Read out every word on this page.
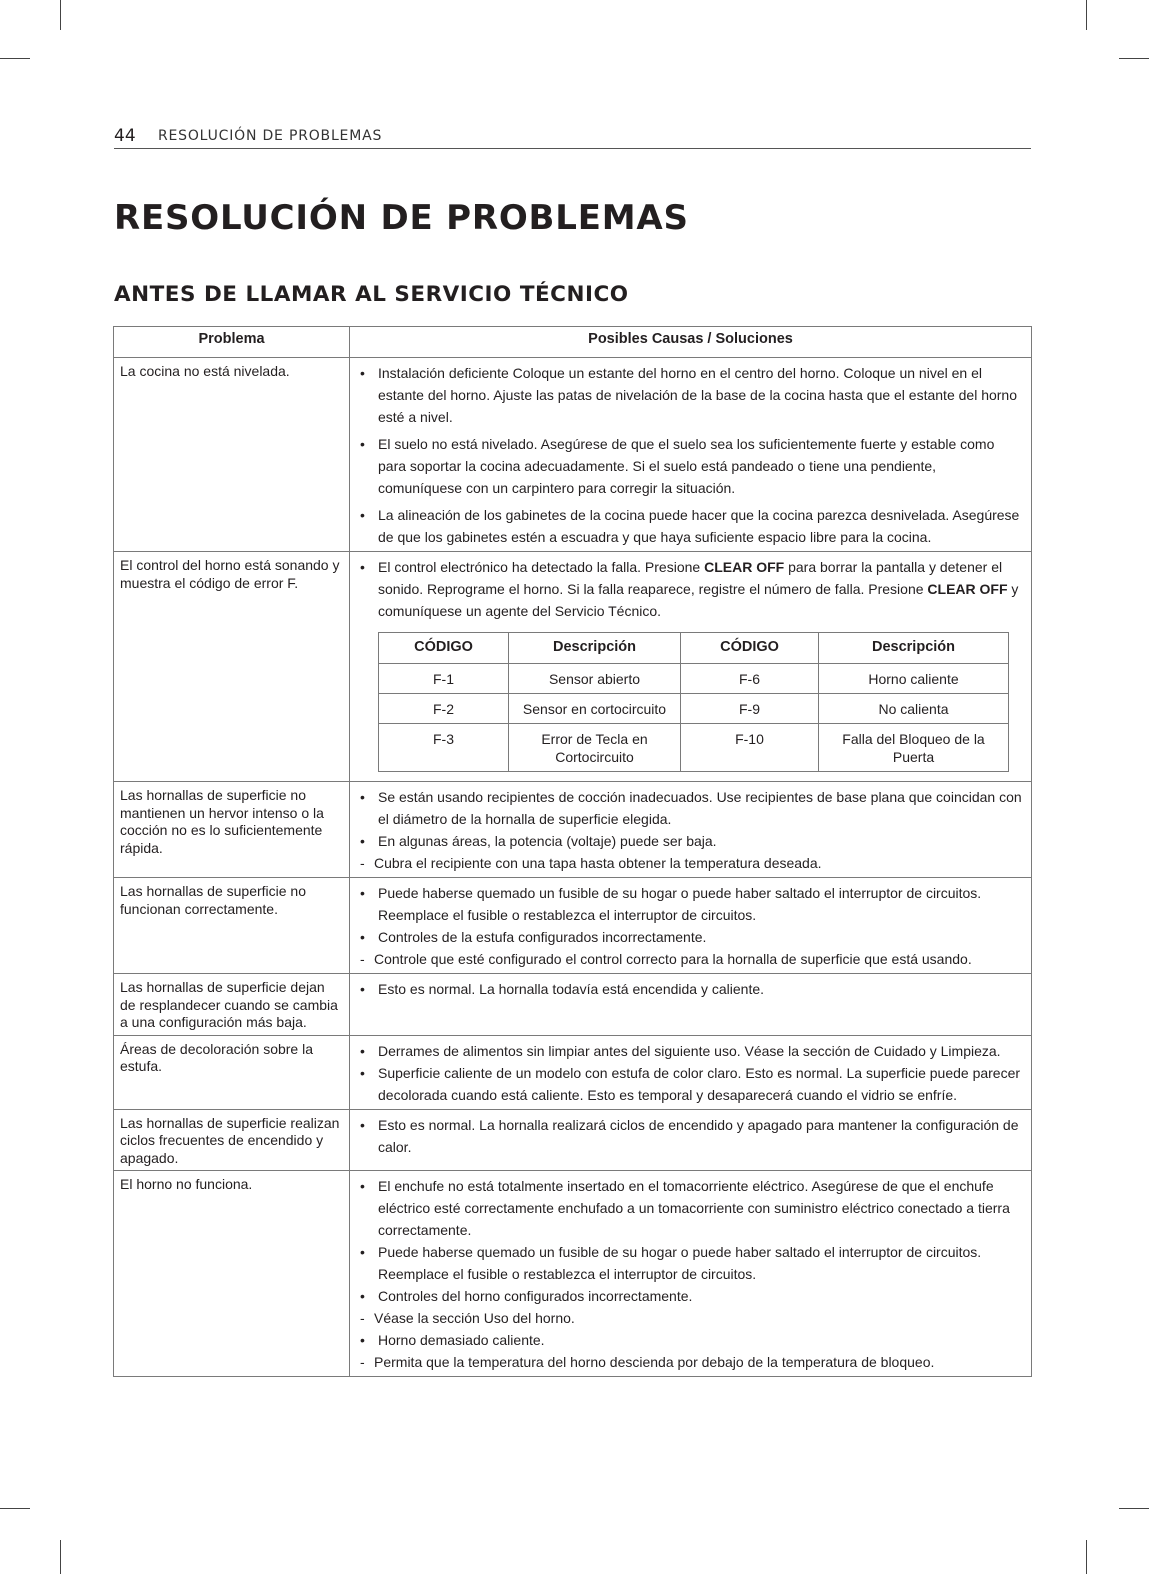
44 RESOLUCIÓN DE PROBLEMAS
RESOLUCIÓN DE PROBLEMAS
ANTES DE LLAMAR AL SERVICIO TÉCNICO
Problema	Posibles Causas / Soluciones
La cocina no está nivelada.	
•Instalación deficiente Coloque un estante del horno en el centro del horno. Coloque un nivel en el estante del horno. Ajuste las patas de nivelación de la base de la cocina hasta que el estante del horno esté a nivel.
• El suelo no está nivelado. Asegúrese de que el suelo sea los suficientemente fuerte y estable como para soportar la cocina adecuadamente. Si el suelo está pandeado o tiene una pendiente, comuníquese con un carpintero para corregir la situación.
• La alineación de los gabinetes de la cocina puede hacer que la cocina parezca desnivelada. Asegúrese de que los gabinetes estén a escuadra y que haya suficiente espacio libre para la cocina.

El control del horno está sonando y muestra el código de error F.	
• El control electrónico ha detectado la falla. Presione CLEAR OFF para borrar la pantalla y detener el sonido. Reprograme el horno. Si la falla reaparece, registre el número de falla. Presione CLEAR OFF y comuníquese un agente del Servicio Técnico.
CÓDIGO	Descripción	CÓDIGO	Descripción
F-1	Sensor abierto	F-6	Horno caliente
F-2	Sensor en cortocircuito	F-9	No calienta
F-3	Error de Tecla en Cortocircuito	F-10	Falla del Bloqueo de la Puerta

Las hornallas de superficie no mantienen un hervor intenso o la cocción no es lo suficientemente rápida.	
• Se están usando recipientes de cocción inadecuados. Use recipientes de base plana que coincidan con el diámetro de la hornalla de superficie elegida.
• En algunas áreas, la potencia (voltaje) puede ser baja.
- Cubra el recipiente con una tapa hasta obtener la temperatura deseada.

Las hornallas de superficie no funcionan correctamente.	
• Puede haberse quemado un fusible de su hogar o puede haber saltado el interruptor de circuitos. Reemplace el fusible o restablezca el interruptor de circuitos.
• Controles de la estufa configurados incorrectamente.
- Controle que esté configurado el control correcto para la hornalla de superficie que está usando.

Las hornallas de superficie dejan de resplandecer cuando se cambia a una configuración más baja.	
• Esto es normal. La hornalla todavía está encendida y caliente.

Áreas de decoloración sobre la estufa.	
• Derrames de alimentos sin limpiar antes del siguiente uso. Véase la sección de Cuidado y Limpieza.
• Superficie caliente de un modelo con estufa de color claro. Esto es normal. La superficie puede parecer decolorada cuando está caliente. Esto es temporal y desaparecerá cuando el vidrio se enfríe.

Las hornallas de superficie realizan ciclos frecuentes de encendido y apagado.	
• Esto es normal. La hornalla realizará ciclos de encendido y apagado para mantener la configuración de calor.

El horno no funciona.	
•El enchufe no está totalmente insertado en el tomacorriente eléctrico. Asegúrese de que el enchufe eléctrico esté correctamente enchufado a un tomacorriente con suministro eléctrico conectado a tierra correctamente.
• Puede haberse quemado un fusible de su hogar o puede haber saltado el interruptor de circuitos. Reemplace el fusible o restablezca el interruptor de circuitos.
• Controles del horno configurados incorrectamente.
- Véase la sección Uso del horno.
• Horno demasiado caliente.
- Permita que la temperatura del horno descienda por debajo de la temperatura de bloqueo.
